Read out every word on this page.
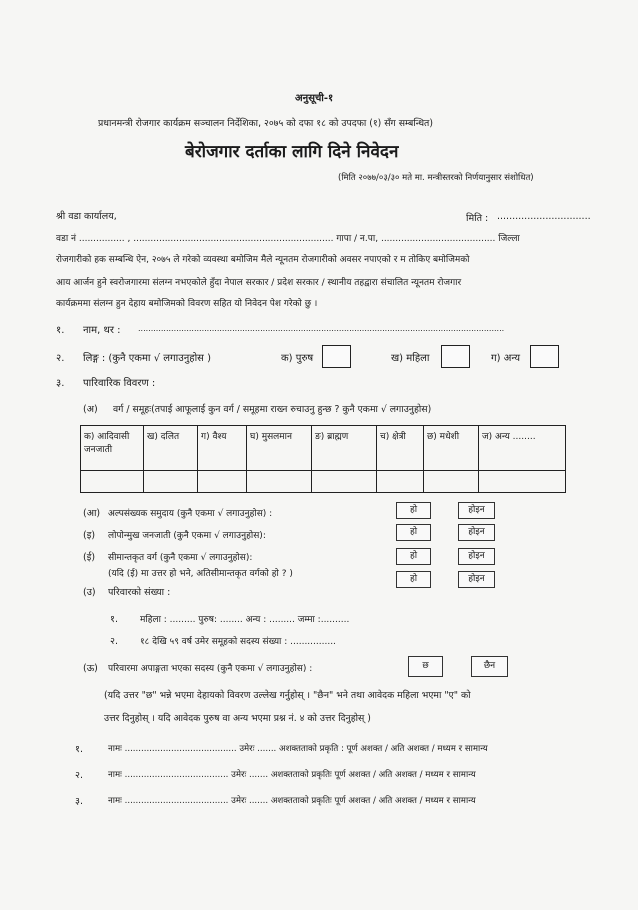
अनुसूची-१
प्रधानमन्त्री रोजगार कार्यक्रम सञ्चालन निर्देशिका, २०७५ को दफा १८ को उपदफा (१) सँग सम्बन्धित)
बेरोजगार दर्ताका लागि दिने निवेदन
(मिति २०७७/०३/३० मते मा. मन्त्रीस्तरको निर्णयानुसार संशोधित)
श्री वडा कार्यालय,	मिति : ...............................
वडा नं ................ , ...................................................................... गापा / न.पा, ........................................ जिल्ला
रोजगारीको हक सम्बन्धि ऐन, २०७५ ले गरेको व्यवस्था बमोजिम मैले न्यूनतम रोजगारीको अवसर नपाएको र म तोकिए बमोजिमको
आय आर्जन हुने स्वरोजगारमा संलग्न नभएकोले हुँदा नेपाल सरकार / प्रदेश सरकार / स्थानीय तहद्वारा संचालित न्यूनतम रोजगार
कार्यक्रममा संलग्न हुन देहाय बमोजिमको विवरण सहित यो निवेदन पेश गरेको छु ।
१. नाम, थर : ................................................................................................................................................
२. लिङ्ग : (कुनै एकमा √ लगाउनुहोस )	क) पुरुष	ख) महिला	ग) अन्य
३. पारिवारिक विवरण :
(अ) वर्ग / समूहः(तपाई आफूलाई कुन वर्ग / समूहमा राख्न रुचाउनु हुन्छ ? कुनै एकमा √ लगाउनुहोस)
क) आदिवासी जनजाती	ख) दलित	ग) वैश्य	घ) मुसलमान	ङ) ब्राह्मण	च) क्षेत्री	छ) मधेशी	ज) अन्य ........

(आ) अल्पसंख्यक समुदाय (कुनै एकमा √ लगाउनुहोस) :	हो	होइन
(इ) लोपोन्मुख जनजाती (कुनै एकमा √ लगाउनुहोस):	हो	होइन
(ई) सीमान्तकृत वर्ग (कुनै एकमा √ लगाउनुहोस):	हो	होइन
(यदि (ई) मा उत्तर हो भने, अतिसीमान्तकृत वर्गको हो ? )	हो	होइन
(उ) परिवारको संख्या :
१. महिला : ......... पुरुष: ........ अन्य : ......... जम्मा :..........
२. १८ देखि ५९ वर्ष उमेर समूहको सदस्य संख्या : ................
(ऊ) परिवारमा अपाङ्गता भएका सदस्य (कुनै एकमा √ लगाउनुहोस) :	छ	छैन
(यदि उत्तर "छ" भन्ने भएमा देहायको विवरण उल्लेख गर्नुहोस् । "छैन" भने तथा आवेदक महिला भएमा "ए" को
उत्तर दिनुहोस् । यदि आवेदक पुरुष वा अन्य भएमा प्रश्न नं. ४ को उत्तर दिनुहोस् )
१.	नामः ......................................... उमेरः ....... अशक्तताको प्रकृति : पूर्ण अशक्त / अति अशक्त / मध्यम र सामान्य
२.	नामः ...................................... उमेरः ....... अशक्तताको प्रकृतिः पूर्ण अशक्त / अति अशक्त / मध्यम र सामान्य
३.	नामः ...................................... उमेरः ....... अशक्तताको प्रकृतिः पूर्ण अशक्त / अति अशक्त / मध्यम र सामान्य
